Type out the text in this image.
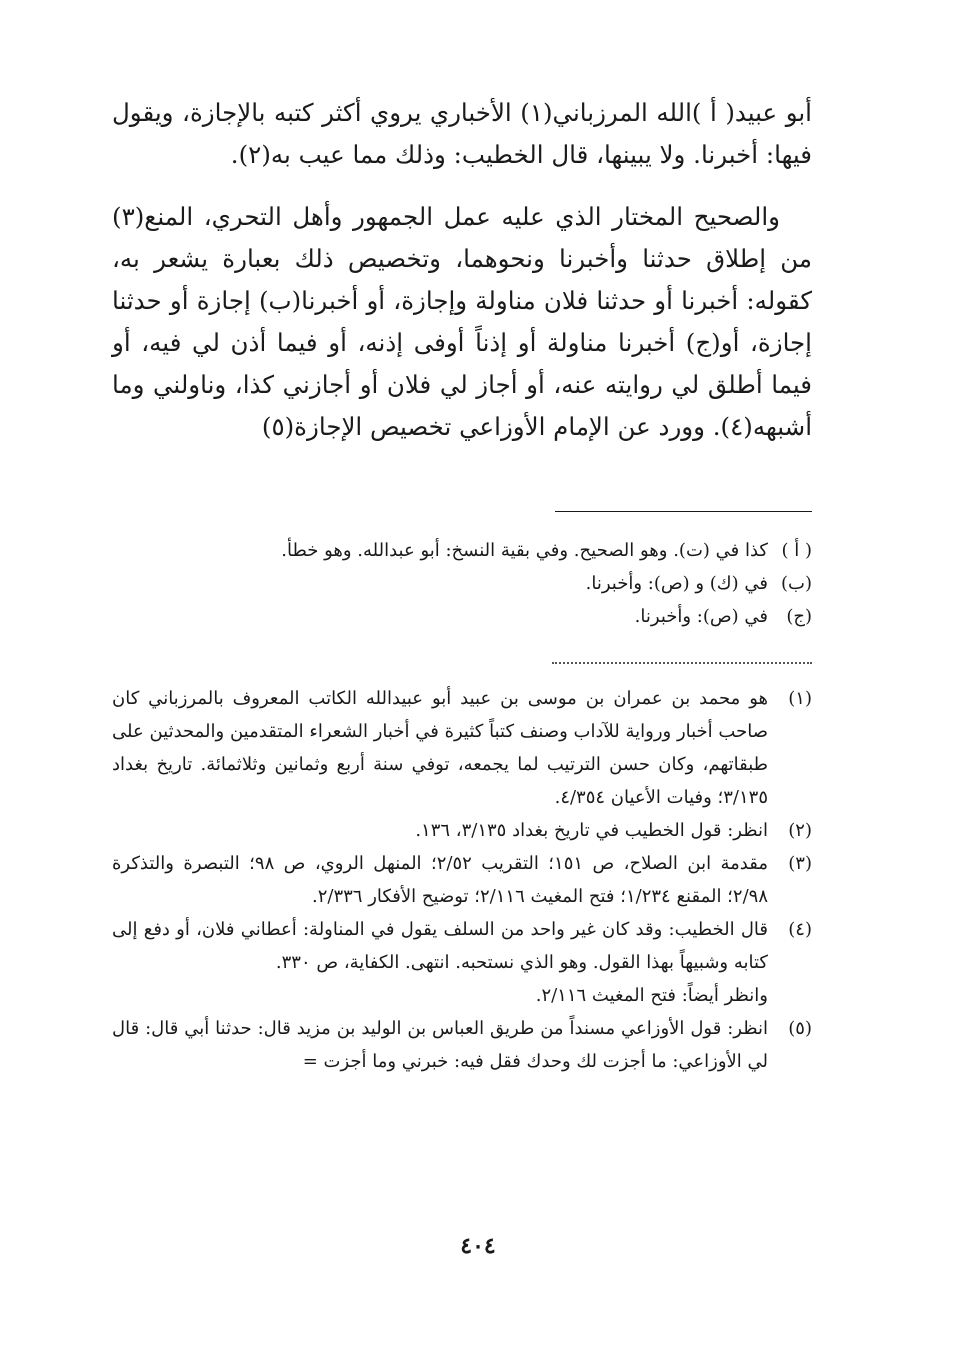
أبو عبيد( أ )الله المرزباني(١) الأخباري يروي أكثر كتبه بالإجازة، ويقول فيها: أخبرنا. ولا يبينها، قال الخطيب: وذلك مما عيب به(٢).

والصحيح المختار الذي عليه عمل الجمهور وأهل التحري، المنع(٣) من إطلاق حدثنا وأخبرنا ونحوهما، وتخصيص ذلك بعبارة يشعر به، كقوله: أخبرنا أو حدثنا فلان مناولة وإجازة، أو أخبرنا(ب) إجازة أو حدثنا إجازة، أو(ج) أخبرنا مناولة أو إذناً أوفى إذنه، أو فيما أذن لي فيه، أو فيما أطلق لي روايته عنه، أو أجاز لي فلان أو أجازني كذا، وناولني وما أشبهه(٤). وورد عن الإمام الأوزاعي تخصيص الإجازة(٥)

( أ )
كذا في (ت). وهو الصحيح. وفي بقية النسخ: أبو عبدالله. وهو خطأ.
(ب)
في (ك) و (ص): وأخبرنا.
(ج)
في (ص): وأخبرنا.
(١)
هو محمد بن عمران بن موسى بن عبيد أبو عبيدالله الكاتب المعروف بالمرزباني كان صاحب أخبار ورواية للآداب وصنف كتباً كثيرة في أخبار الشعراء المتقدمين والمحدثين على طبقاتهم، وكان حسن الترتيب لما يجمعه، توفي سنة أربع وثمانين وثلاثمائة. تاريخ بغداد ٣/١٣٥؛ وفيات الأعيان ٤/٣٥٤.
(٢)
انظر: قول الخطيب في تاريخ بغداد ٣/١٣٥، ١٣٦.
(٣)
مقدمة ابن الصلاح، ص ١٥١؛ التقريب ٢/٥٢؛ المنهل الروي، ص ٩٨؛ التبصرة والتذكرة ٢/٩٨؛ المقنع ١/٢٣٤؛ فتح المغيث ٢/١١٦؛ توضيح الأفكار ٢/٣٣٦.
(٤)
قال الخطيب: وقد كان غير واحد من السلف يقول في المناولة: أعطاني فلان، أو دفع إلى كتابه وشبيهاً بهذا القول. وهو الذي نستحبه. انتهى. الكفاية، ص ٣٣٠.
وانظر أيضاً: فتح المغيث ٢/١١٦.
(٥)
انظر: قول الأوزاعي مسنداً من طريق العباس بن الوليد بن مزيد قال: حدثنا أبي قال: قال لي الأوزاعي: ما أجزت لك وحدك فقل فيه: خبرني وما أجزت =
٤٠٤
